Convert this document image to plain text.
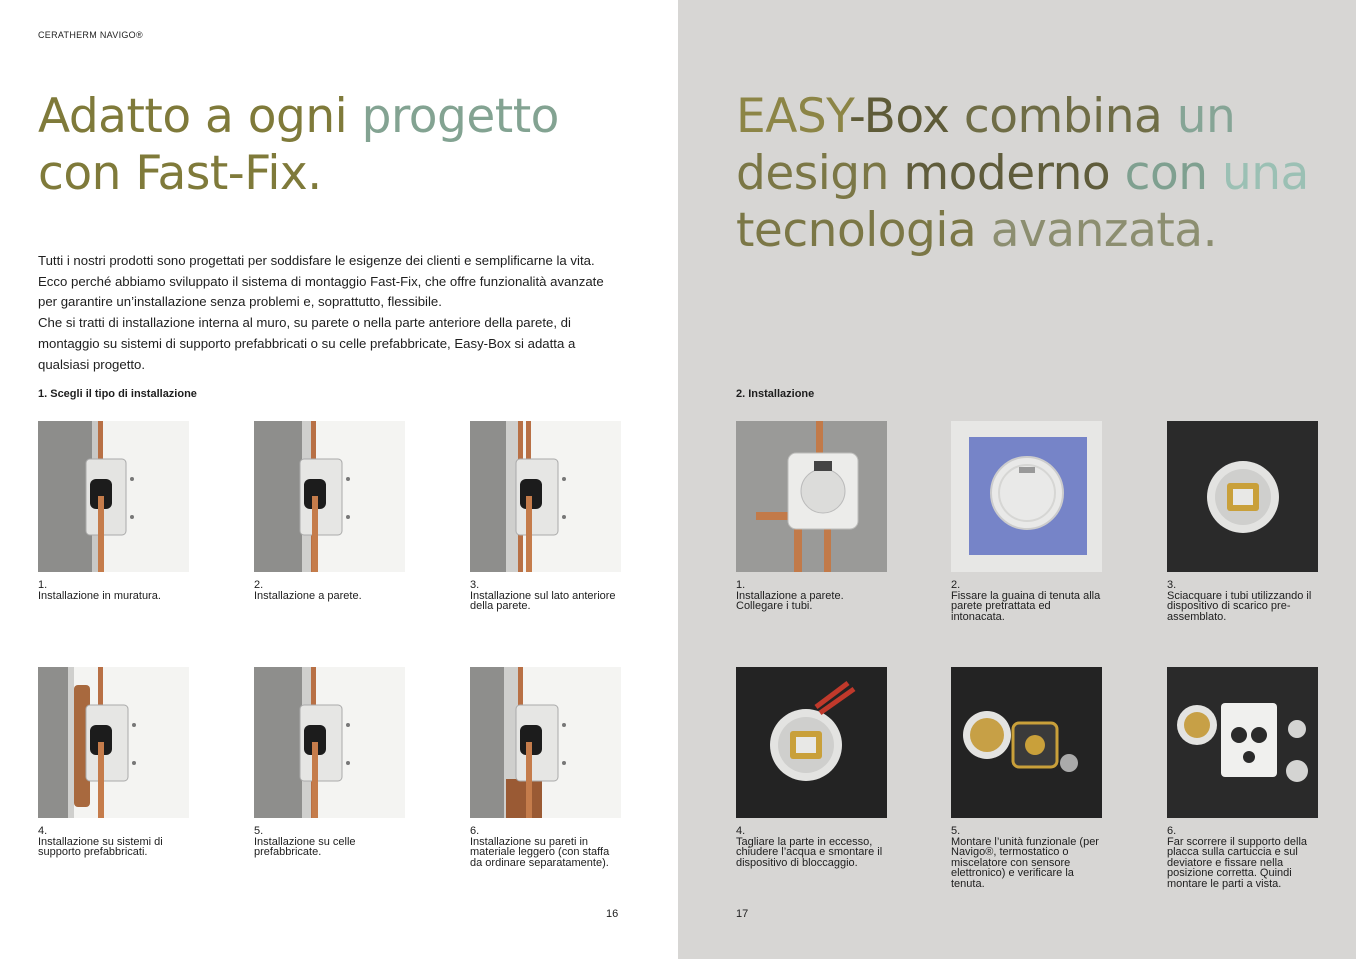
CERATHERM NAVIGO®
Adatto a ogni progetto
con Fast-Fix.

Tutti i nostri prodotti sono progettati per soddisfare le esigenze dei clienti e semplificarne la vita. Ecco perché abbiamo sviluppato il sistema di montaggio Fast-Fix, che offre funzionalità avanzate per garantire un’installazione senza problemi e, soprattutto, flessibile.

Che si tratti di installazione interna al muro, su parete o nella parte anteriore della parete, di montaggio su sistemi di supporto prefabbricati o su celle prefabbricate, Easy-Box si adatta a qualsiasi progetto.

1. Scegli il tipo di installazione
1.
Installazione in muratura.
2.
Installazione a parete.
3.
Installazione sul lato anteriore della parete.
4.
Installazione su sistemi di supporto prefabbricati.
5.
Installazione su celle prefabbricate.
6.
Installazione su pareti in materiale leggero (con staffa da ordinare separatamente).
16
EASY-Box combina un
design moderno con una
tecnologia avanzata.
2. Installazione
1.
Installazione a parete. Collegare i tubi.
2.
Fissare la guaina di tenuta alla parete pretrattata ed intonacata.
3.
Sciacquare i tubi utilizzando il dispositivo di scarico pre-assemblato.
4.
Tagliare la parte in eccesso, chiudere l’acqua e smontare il dispositivo di bloccaggio.
5.
Montare l’unità funzionale (per Navigo®, termostatico o miscelatore con sensore elettronico) e verificare la tenuta.
6.
Far scorrere il supporto della placca sulla cartuccia e sul deviatore e fissare nella posizione corretta. Quindi montare le parti a vista.
17
